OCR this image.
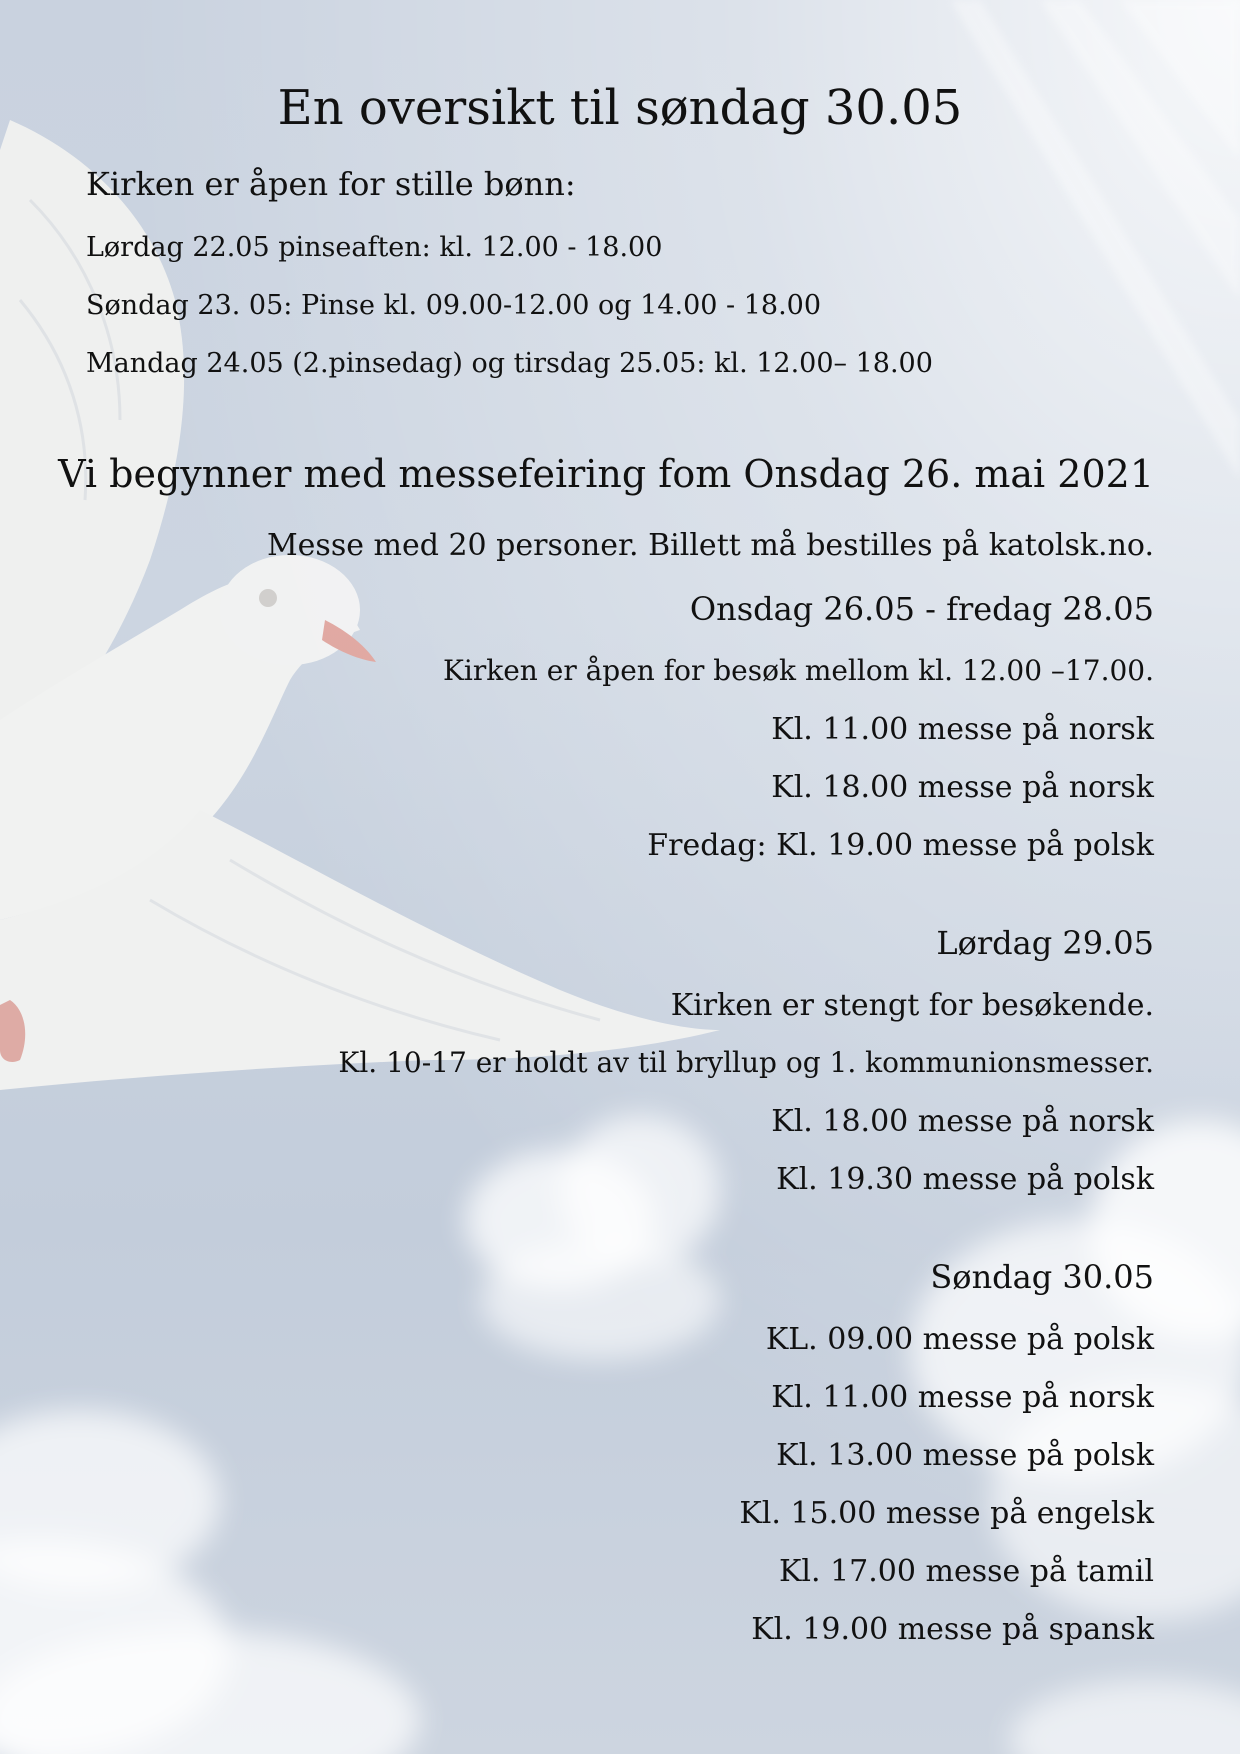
En oversikt til søndag 30.05
Kirken er åpen for stille bønn:
Lørdag 22.05 pinseaften: kl. 12.00 - 18.00
Søndag 23. 05: Pinse kl. 09.00-12.00 og 14.00 - 18.00
Mandag 24.05 (2.pinsedag) og tirsdag 25.05: kl. 12.00– 18.00
Vi begynner med messefeiring fom Onsdag 26. mai 2021
Messe med 20 personer. Billett må bestilles på katolsk.no.
Onsdag 26.05 - fredag 28.05
Kirken er åpen for besøk mellom kl. 12.00 –17.00.
Kl. 11.00 messe på norsk
Kl. 18.00 messe på norsk
Fredag: Kl. 19.00 messe på polsk
Lørdag 29.05
Kirken er stengt for besøkende.
Kl. 10-17 er holdt av til bryllup og 1. kommunionsmesser.
Kl. 18.00 messe på norsk
Kl. 19.30 messe på polsk
Søndag 30.05
KL. 09.00 messe på polsk
Kl. 11.00 messe på norsk
Kl. 13.00 messe på polsk
Kl. 15.00 messe på engelsk
Kl. 17.00 messe på tamil
Kl. 19.00 messe på spansk
